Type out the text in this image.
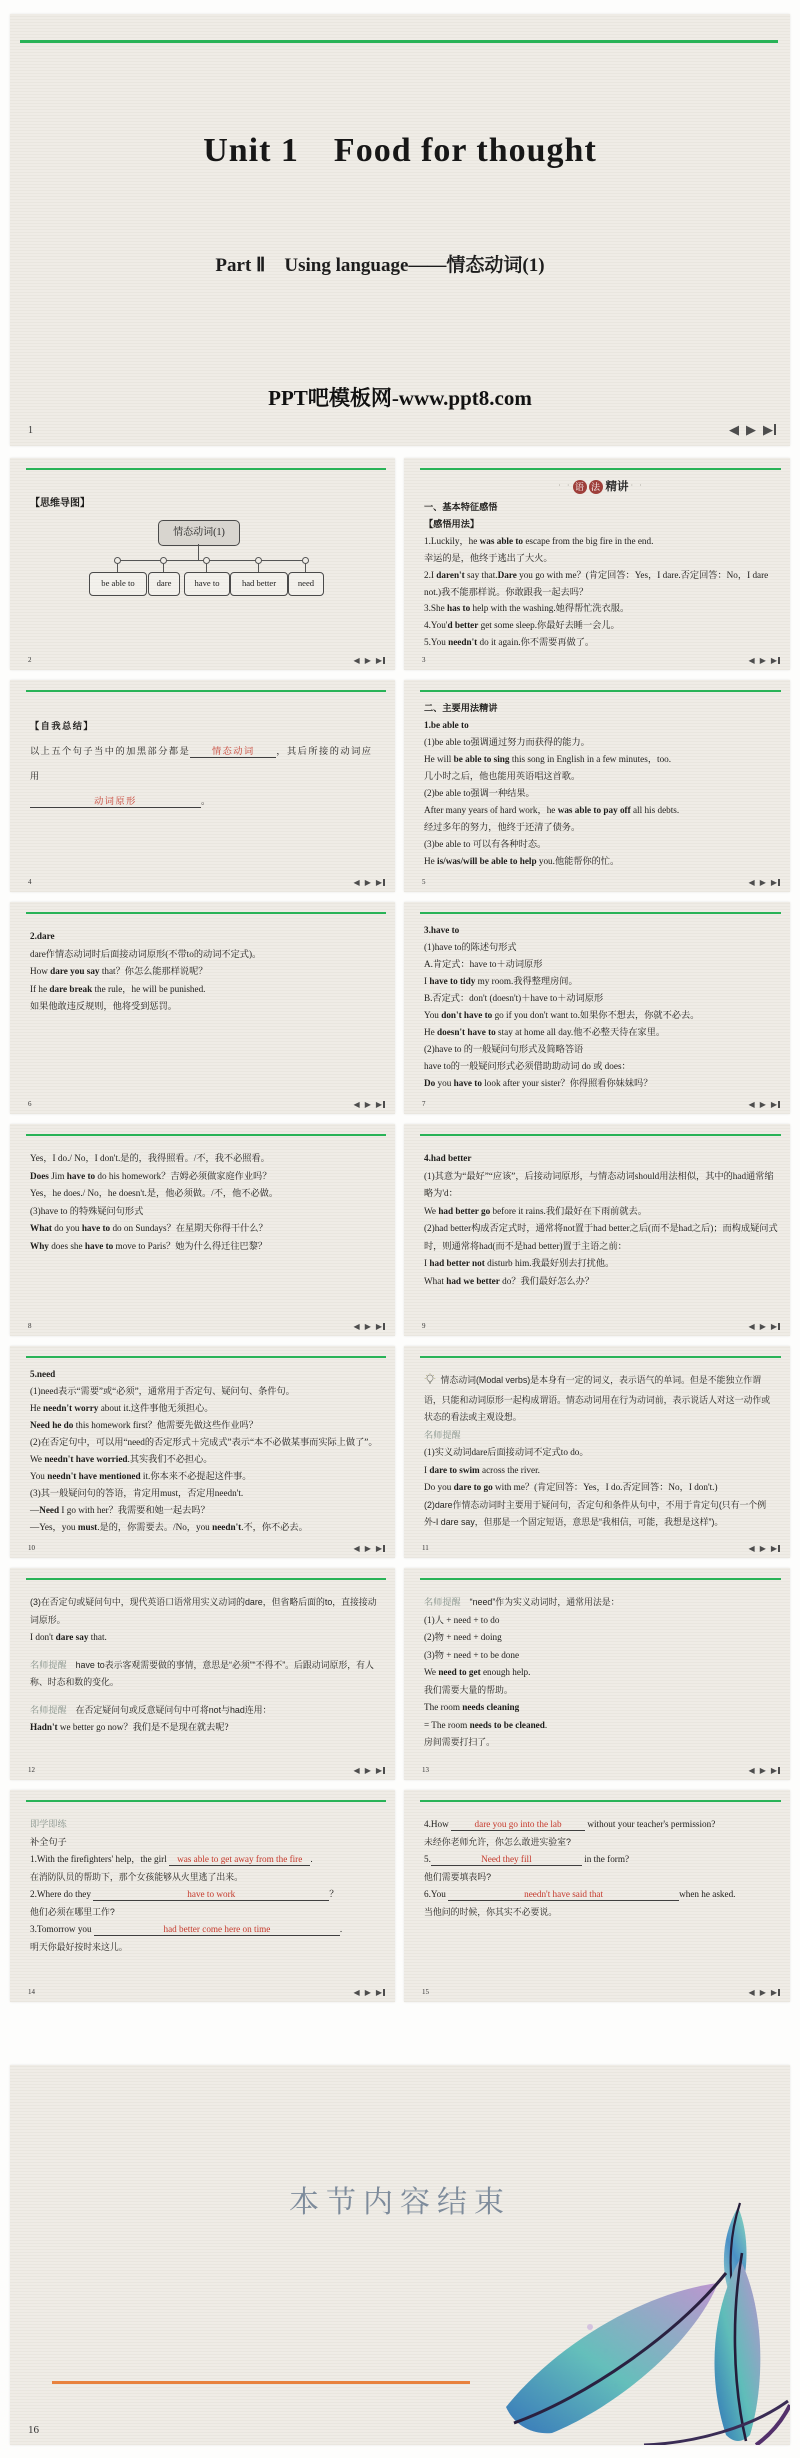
Unit 1　Food for thought
Part Ⅱ　Using language——情态动词(1)
PPT吧模板网-www.ppt8.com
1	◀ ▶ ▶
【思维导图】
情态动词(1)
be able to	dare	have to	had better	need
2	◀ ▶ ▶
· · 语 法 精讲 · ·
一、基本特征感悟
【感悟用法】
1.Luckily，he was able to escape from the big fire in the end.
幸运的是，他终于逃出了大火。
2.I daren't say that.Dare you go with me？(肯定回答：Yes，I dare.否定回答：No，I dare not.)我不能那样说。你敢跟我一起去吗？
3.She has to help with the washing.她得帮忙洗衣服。
4.You'd better get some sleep.你最好去睡一会儿。
5.You needn't do it again.你不需要再做了。
3	◀ ▶ ▶
【自我总结】
以上五个句子当中的加黑部分都是 情态动词 ，其后所接的动词应用
动词原形	。
4	◀ ▶ ▶
二、主要用法精讲
1.be able to
(1)be able to强调通过努力而获得的能力。
He will be able to sing this song in English in a few minutes，too.
几小时之后，他也能用英语唱这首歌。
(2)be able to强调一种结果。
After many years of hard work，he was able to pay off all his debts.
经过多年的努力，他终于还清了债务。
(3)be able to 可以有各种时态。
He is/was/will be able to help you.他能帮你的忙。
5	◀ ▶ ▶
2.dare
dare作情态动词时后面接动词原形(不带to的动词不定式)。
How dare you say that？你怎么能那样说呢？
If he dare break the rule，he will be punished.
如果他敢违反规则，他将受到惩罚。
6	◀ ▶ ▶
3.have to
(1)have to的陈述句形式
A.肯定式：have to＋动词原形
I have to tidy my room.我得整理房间。
B.否定式：don't (doesn't)＋have to＋动词原形
You don't have to go if you don't want to.如果你不想去，你就不必去。
He doesn't have to stay at home all day.他不必整天待在家里。
(2)have to 的一般疑问句形式及简略答语
have to的一般疑问形式必须借助助动词 do 或 does：
Do you have to look after your sister？你得照看你妹妹吗？
7	◀ ▶ ▶
Yes，I do./ No，I don't.是的，我得照看。/不，我不必照看。
Does Jim have to do his homework？吉姆必须做家庭作业吗？
Yes，he does./ No，he doesn't.是，他必须做。/不，他不必做。
(3)have to 的特殊疑问句形式
What do you have to do on Sundays？在星期天你得干什么？
Why does she have to move to Paris？她为什么得迁往巴黎？
8	◀ ▶ ▶
4.had better
(1)其意为“最好”“应该”，后接动词原形，与情态动词should用法相似，其中的had通常缩略为'd：
We had better go before it rains.我们最好在下雨前就去。
(2)had better构成否定式时，通常将not置于had better之后(而不是had之后)；而构成疑问式时，则通常将had(而不是had better)置于主语之前：
I had better not disturb him.我最好别去打扰他。
What had we better do？我们最好怎么办？
9	◀ ▶ ▶
5.need
(1)need表示“需要”或“必须”，通常用于否定句、疑问句、条件句。
He needn't worry about it.这件事他无须担心。
Need he do this homework first？他需要先做这些作业吗？
(2)在否定句中，可以用“need的否定形式＋完成式”表示“本不必做某事而实际上做了”。
We needn't have worried.其实我们不必担心。
You needn't have mentioned it.你本来不必提起这件事。
(3)其一般疑问句的答语，肯定用must，否定用needn't.
—Need I go with her？我需要和她一起去吗？
—Yes，you must.是的，你需要去。/No，you needn't.不，你不必去。
10	◀ ▶ ▶
情态动词(Modal verbs)是本身有一定的词义，表示语气的单词。但是不能独立作谓语，只能和动词原形一起构成谓语。情态动词用在行为动词前，表示说话人对这一动作或状态的看法或主观设想。
名师提醒
(1)实义动词dare后面接动词不定式to do。
I dare to swim across the river.
Do you dare to go with me？(肯定回答：Yes，I do.否定回答：No，I don't.)
(2)dare作情态动词时主要用于疑问句，否定句和条件从句中，不用于肯定句(只有一个例外-I dare say，但那是一个固定短语，意思是“我相信，可能，我想是这样”)。
11	◀ ▶ ▶
(3)在否定句或疑问句中，现代英语口语常用实义动词的dare，但省略后面的to，直接接动词原形。
I don't dare say that.
名师提醒　have to表示客观需要做的事情，意思是“必须”“不得不”。后跟动词原形，有人称、时态和数的变化。
名师提醒　在否定疑问句或反意疑问句中可将not与had连用：
Hadn't we better go now？我们是不是现在就去呢?
12	◀ ▶ ▶
名师提醒　“need”作为实义动词时，通常用法是：
(1)人 + need + to do
(2)物 + need + doing
(3)物 + need + to be done
We need to get enough help.
我们需要大量的帮助。
The room needs cleaning
= The room needs to be cleaned.
房间需要打扫了。
13	◀ ▶ ▶
即学即练
补全句子
1.With the firefighters' help，the girl was able to get away from the fire .
在消防队员的帮助下，那个女孩能够从火里逃了出来。
2.Where do they	have to work	？
他们必须在哪里工作?
3.Tomorrow you	had better come here on time	.
明天你最好按时来这儿。
14	◀ ▶ ▶
4.How	dare you go into the lab	without your teacher's permission?
未经你老师允许，你怎么敢进实验室?
5.	Need they fill	in the form?
他们需要填表吗?
6.You	needn't have said that	when he asked.
当他问的时候，你其实不必要说。
15	◀ ▶ ▶
本节内容结束
16
